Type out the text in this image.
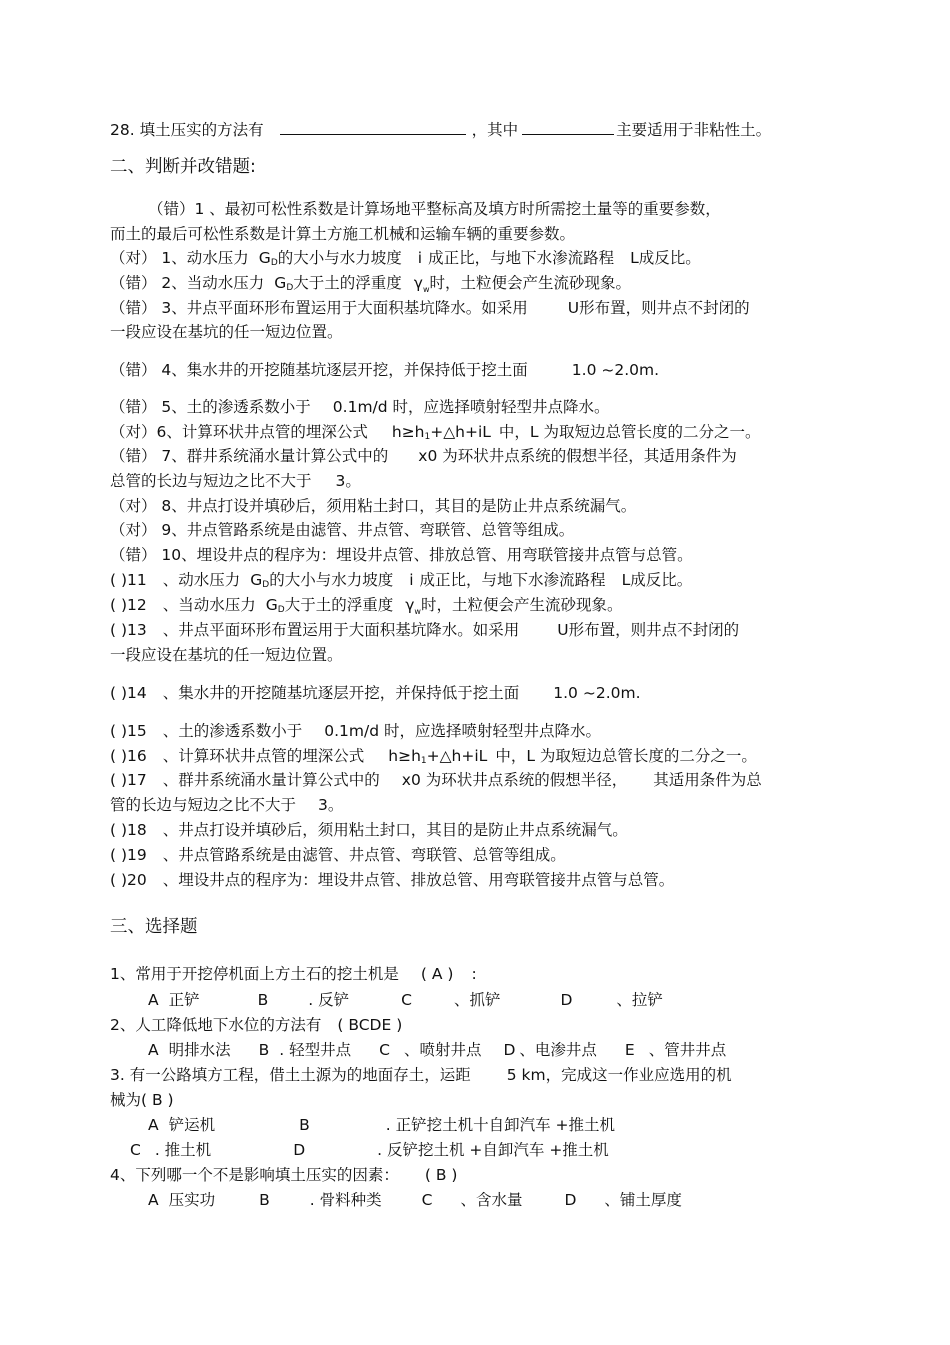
28. 填土压实的方法有	，其中	主要适用于非粘性土。
二、判断并改错题:
（错）1 、最初可松性系数是计算场地平整标高及填方时所需挖土量等的重要参数，
而土的最后可松性系数是计算土方施工机械和运输车辆的重要参数。
（对） 1、动水压力 $G_D$的大小与水力坡度 i 成正比，与地下水渗流路程 L成反比。
（错） 2、当动水压力 $G_D$大于土的浮重度 $\gamma_w$时，土粒便会产生流砂现象。
（错） 3、井点平面环形布置运用于大面积基坑降水。如采用	U形布置，则井点不封闭的
一段应设在基坑的任一短边位置。
（错） 4、集水井的开挖随基坑逐层开挖，并保持低于挖土面	1.0 ~2.0m.
（错） 5、土的渗透系数小于 0.1m/d 时，应选择喷射轻型井点降水。
（对）6、计算环状井点管的埋深公式 $h\ge h_1+\triangle h+iL$ 中，L 为取短边总管长度的二分之一。
（错） 7、群井系统涌水量计算公式中的 x0 为环状井点系统的假想半径，其适用条件为
总管的长边与短边之比不大于 3。
（对） 8、井点打设并填砂后，须用粘土封口，其目的是防止井点系统漏气。
（对） 9、井点管路系统是由滤管、井点管、弯联管、总管等组成。
（错） 10、埋设井点的程序为：埋设井点管、排放总管、用弯联管接井点管与总管。
( )11 、动水压力 $G_D$的大小与水力坡度 i 成正比，与地下水渗流路程 L成反比。
( )12 、当动水压力 $G_D$大于土的浮重度 $\gamma_w$时，土粒便会产生流砂现象。
( )13 、井点平面环形布置运用于大面积基坑降水。如采用 U形布置，则井点不封闭的
一段应设在基坑的任一短边位置。
( )14 、集水井的开挖随基坑逐层开挖，并保持低于挖土面 1.0 ~2.0m.
( )15 、土的渗透系数小于 0.1m/d 时，应选择喷射轻型井点降水。
( )16 、计算环状井点管的埋深公式 $h\ge h_1+\triangle h+iL$ 中，L 为取短边总管长度的二分之一。
( )17 、群井系统涌水量计算公式中的 x0 为环状井点系统的假想半径， 其适用条件为总
管的长边与短边之比不大于 3。
( )18 、井点打设并填砂后，须用粘土封口，其目的是防止井点系统漏气。
( )19 、井点管路系统是由滤管、井点管、弯联管、总管等组成。
( )20 、埋设井点的程序为：埋设井点管、排放总管、用弯联管接井点管与总管。
三、选择题
1、常用于开挖停机面上方土石的挖土机是 ( A ) :
A 正铲	B	. 反铲	C	、抓铲	D	、拉铲
2、人工降低地下水位的方法有 ( BCDE )
A 明排水法 B . 轻型井点 C 、喷射井点 D 、电渗井点 E 、管井井点
3. 有一公路填方工程，借土土源为的地面存土，运距 5 km，完成这一作业应选用的机
械为( B )
A 铲运机	B	. 正铲挖土机十自卸汽车 +推土机
C . 推土机	D	. 反铲挖土机 +自卸汽车 +推土机
4、下列哪一个不是影响填土压实的因素： ( B )
A 压实功	B	. 骨料种类	C 、含水量	D 、铺土厚度
